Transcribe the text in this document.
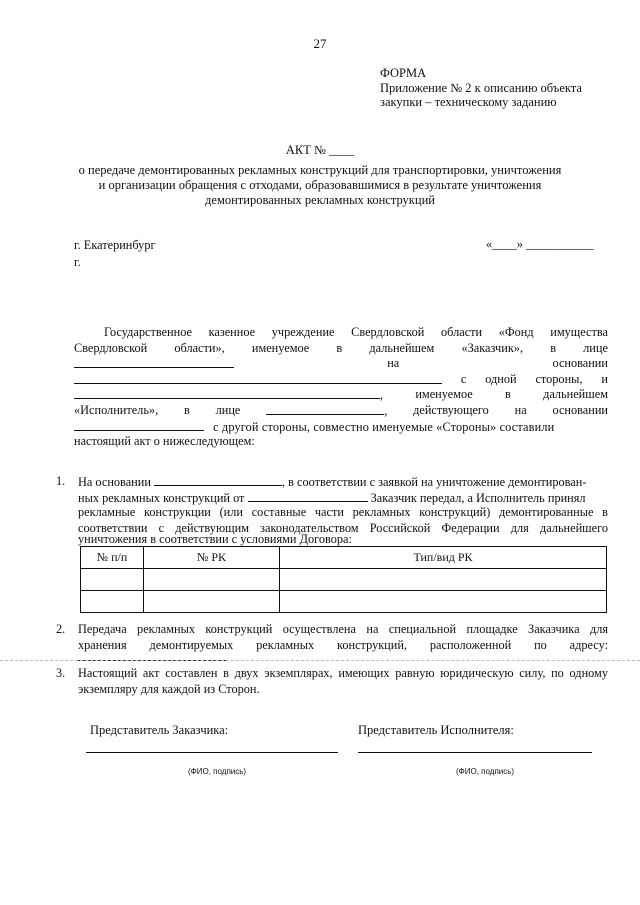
27
ФОРМА
Приложение № 2 к описанию объекта
закупки – техническому заданию
АКТ № ____
о передаче демонтированных рекламных конструкций для транспортировки, уничтожения
и организации обращения с отходами, образовавшимися в результате уничтожения
демонтированных рекламных конструкций
г. Екатеринбург
г.
«____» ___________
Государственное казенное учреждение Свердловской области «Фонд имущества
Свердловской области», именуемое в дальнейшем «Заказчик», в лице
на	основании
с одной стороны, и
,	именуемое	в	дальнейшем
«Исполнитель», в лице	, действующего на основании
с другой стороны, совместно именуемые «Стороны» составили
настоящий акт о нижеследующем:
1. На основании	, в соответствии с заявкой на уничтожение демонтирован-
ных рекламных конструкций от	Заказчик передал, а Исполнитель принял
рекламные конструкции (или составные части рекламных конструкций) демонтированные в
соответствии с действующим законодательством Российской Федерации для дальнейшего
уничтожения в соответствии с условиями Договора:
№ п/п	№ РК	Тип/вид РК

2. Передача рекламных конструкций осуществлена на специальной площадке Заказчика для
хранения демонтируемых рекламных конструкций, расположенной по адресу:
3. Настоящий акт составлен в двух экземплярах, имеющих равную юридическую силу, по одному
экземпляру для каждой из Сторон.
Представитель Заказчика:	Представитель Исполнителя:
(ФИО, подпись)	(ФИО, подпись)
